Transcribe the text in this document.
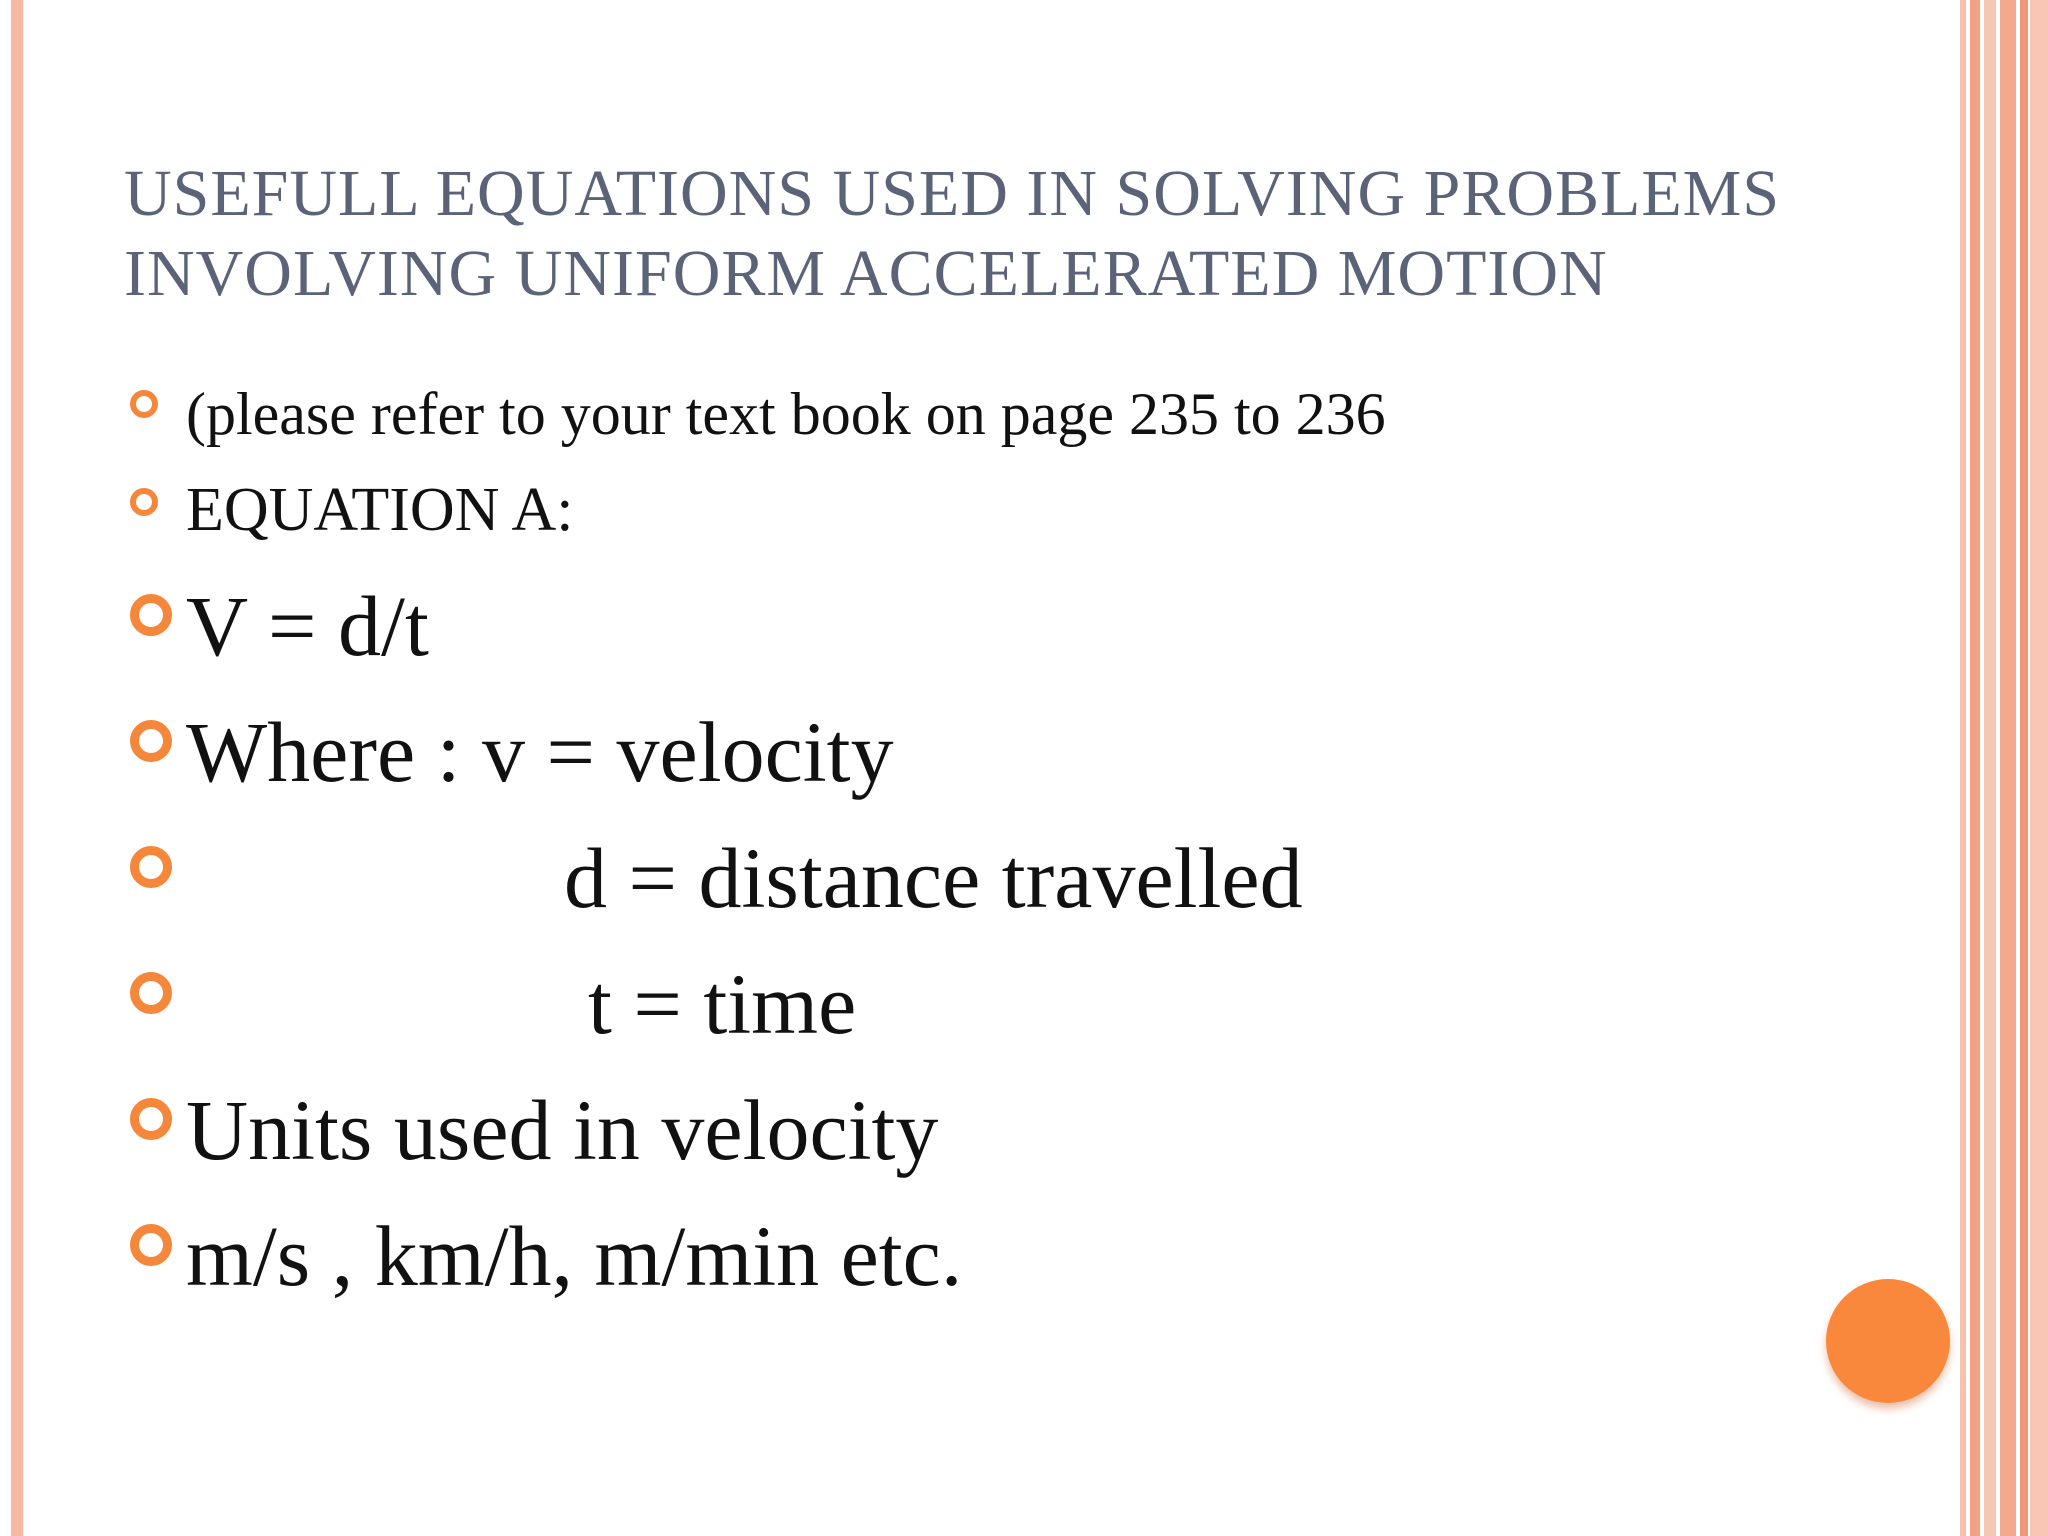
USEFULL EQUATIONS USED IN SOLVING PROBLEMS
INVOLVING UNIFORM ACCELERATED MOTION

(please refer to your text book on page 235 to 236

EQUATION A:

V = d/t

Where : v = velocity

d = distance travelled

t = time

Units used in velocity

m/s , km/h, m/min etc.
